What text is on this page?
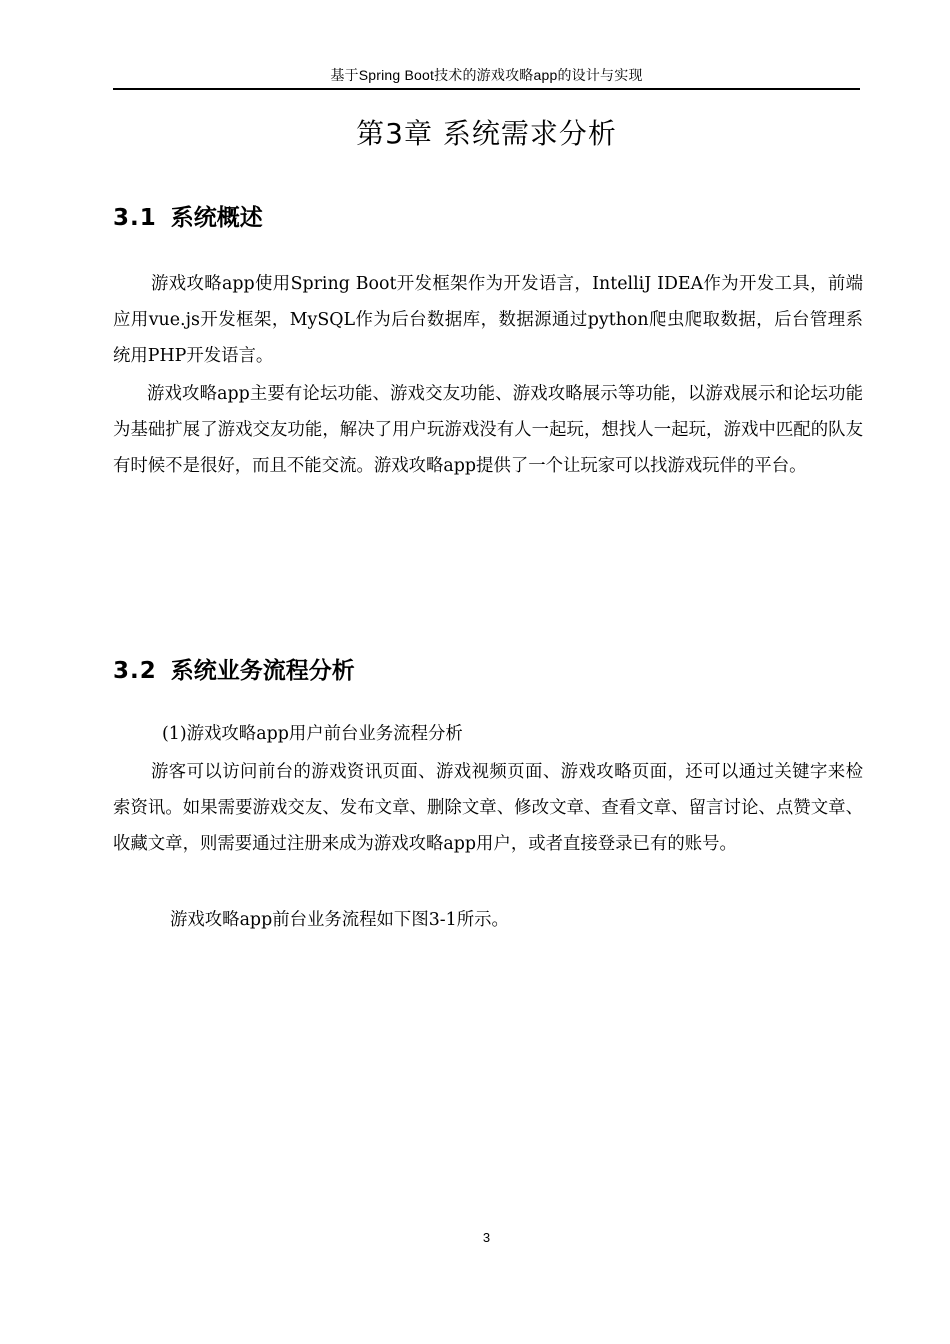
基于Spring Boot技术的游戏攻略app的设计与实现
第3章 系统需求分析
3.1 系统概述

游戏攻略app使用Spring Boot开发框架作为开发语言，IntelliJ IDEA作为开发工具，前端应用vue.js开发框架，MySQL作为后台数据库，数据源通过python爬虫爬取数据，后台管理系统用PHP开发语言。

游戏攻略app主要有论坛功能、游戏交友功能、游戏攻略展示等功能，以游戏展示和论坛功能为基础扩展了游戏交友功能，解决了用户玩游戏没有人一起玩，想找人一起玩，游戏中匹配的队友有时候不是很好，而且不能交流。游戏攻略app提供了一个让玩家可以找游戏玩伴的平台。

3.2 系统业务流程分析

(1)游戏攻略app用户前台业务流程分析

游客可以访问前台的游戏资讯页面、游戏视频页面、游戏攻略页面，还可以通过关键字来检索资讯。如果需要游戏交友、发布文章、删除文章、修改文章、查看文章、留言讨论、点赞文章、收藏文章，则需要通过注册来成为游戏攻略app用户，或者直接登录已有的账号。

游戏攻略app前台业务流程如下图3-1所示。

3
